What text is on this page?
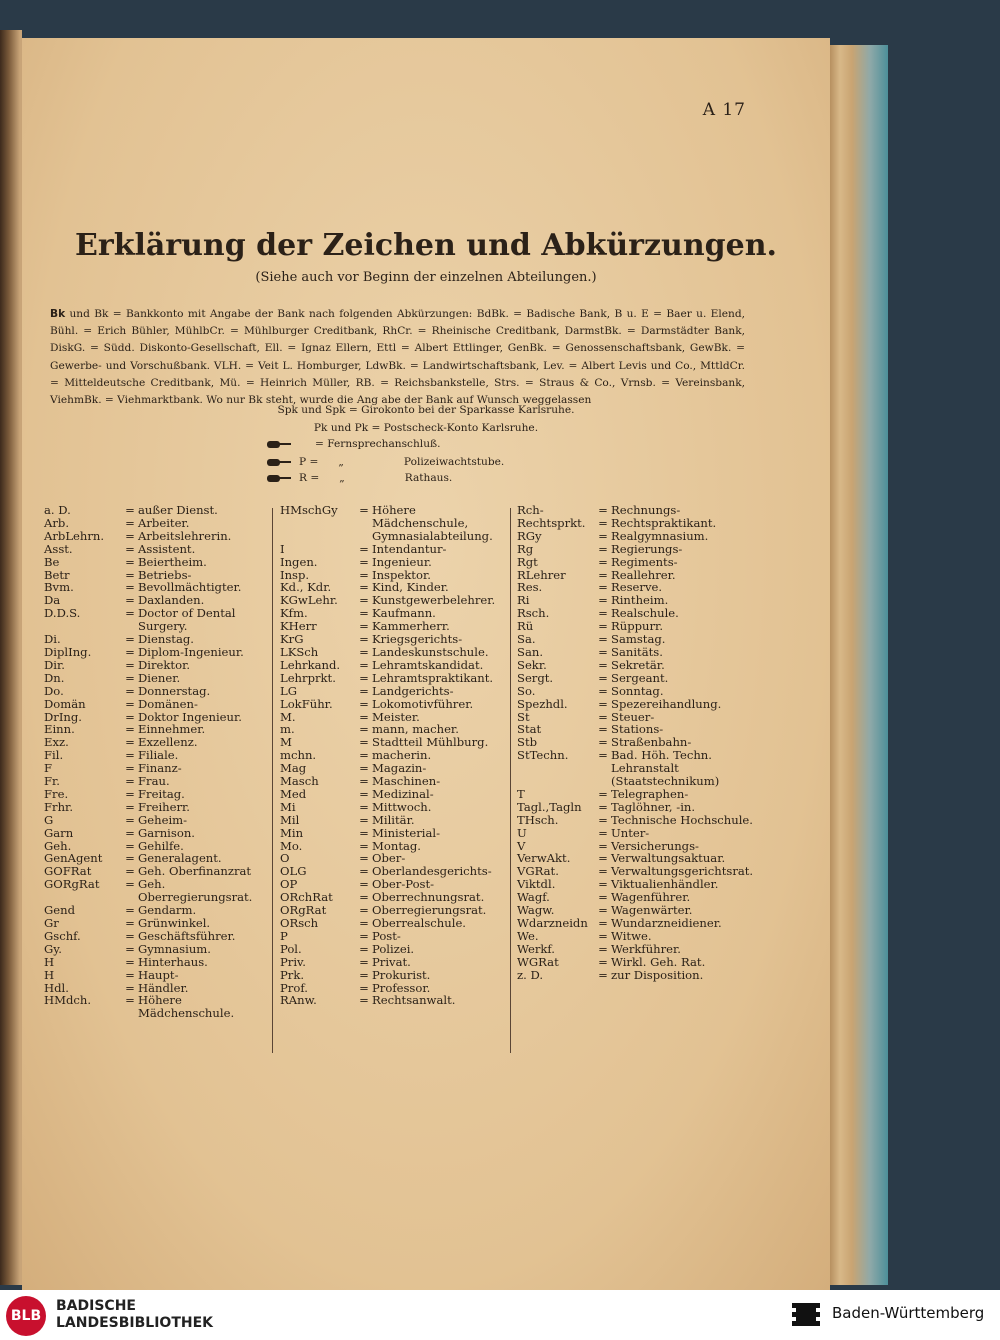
A 17
Erklärung der Zeichen und Abkürzungen.
(Siehe auch vor Beginn der einzelnen Abteilungen.)
Bk und Bk = Bankkonto mit Angabe der Bank nach folgenden Abkürzungen: BdBk. = Badische Bank, B u. E = Baer u. Elend, Bühl. = Erich Bühler, MühlbCr. = Mühlburger Creditbank, RhCr. = Rheinische Creditbank, DarmstBk. = Darmstädter Bank, DiskG. = Südd. Diskonto-Gesellschaft, Ell. = Ignaz Ellern, Ettl = Albert Ettlinger, GenBk. = Genossenschaftsbank, GewBk. = Gewerbe- und Vorschußbank. VLH. = Veit L. Homburger, LdwBk. = Landwirtschaftsbank, Lev. = Albert Levis und Co., MttldCr. = Mitteldeutsche Creditbank, Mü. = Heinrich Müller, RB. = Reichsbankstelle, Strs. = Straus & Co., Vrnsb. = Vereinsbank, ViehmBk. = Viehmarktbank. Wo nur Bk steht, wurde die Ang abe der Bank auf Wunsch weggelassen
Spk und Spk = Girokonto bei der Sparkasse Karlsruhe.
Pk und Pk = Postscheck-Konto Karlsruhe.
= Fernsprechanschluß.
P = „	Polizeiwachtstube.
R = „	Rathaus.
a. D.	= außer Dienst.
Arb.	= Arbeiter.
ArbLehrn.	= Arbeitslehrerin.
Asst.	= Assistent.
Be	= Beiertheim.
Betr	= Betriebs-
Bvm.	= Bevollmächtigter.
Da	= Daxlanden.
D.D.S.	= Doctor of Dental Surgery.
Di.	= Dienstag.
DiplIng.	= Diplom-Ingenieur.
Dir.	= Direktor.
Dn.	= Diener.
Do.	= Donnerstag.
Domän	= Domänen-
DrIng.	= Doktor Ingenieur.
Einn.	= Einnehmer.
Exz.	= Exzellenz.
Fil.	= Filiale.
F	= Finanz-
Fr.	= Frau.
Fre.	= Freitag.
Frhr.	= Freiherr.
G	= Geheim-
Garn	= Garnison.
Geh.	= Gehilfe.
GenAgent	= Generalagent.
GOFRat	= Geh. Oberfinanzrat
GORgRat	= Geh. Oberregierungsrat.
Gend	= Gendarm.
Gr	= Grünwinkel.
Gschf.	= Geschäftsführer.
Gy.	= Gymnasium.
H	= Hinterhaus.
H	= Haupt-
Hdl.	= Händler.
HMdch.	= Höhere Mädchenschule.
HMschGy	= Höhere Mädchenschule, Gymnasialabteilung.
I	= Intendantur-
Ingen.	= Ingenieur.
Insp.	= Inspektor.
Kd., Kdr.	= Kind, Kinder.
KGwLehr.	= Kunstgewerbelehrer.
Kfm.	= Kaufmann.
KHerr	= Kammerherr.
KrG	= Kriegsgerichts-
LKSch	= Landeskunstschule.
Lehrkand.	= Lehramtskandidat.
Lehrprkt.	= Lehramtspraktikant.
LG	= Landgerichts-
LokFühr.	= Lokomotivführer.
M.	= Meister.
m.	= mann, macher.
M	= Stadtteil Mühlburg.
mchn.	= macherin.
Mag	= Magazin-
Masch	= Maschinen-
Med	= Medizinal-
Mi	= Mittwoch.
Mil	= Militär.
Min	= Ministerial-
Mo.	= Montag.
O	= Ober-
OLG	= Oberlandesgerichts-
OP	= Ober-Post-
ORchRat	= Oberrechnungsrat.
ORgRat	= Oberregierungsrat.
ORsch	= Oberrealschule.
P	= Post-
Pol.	= Polizei.
Priv.	= Privat.
Prk.	= Prokurist.
Prof.	= Professor.
RAnw.	= Rechtsanwalt.
Rch-	= Rechnungs-
Rechtsprkt.	= Rechtspraktikant.
RGy	= Realgymnasium.
Rg	= Regierungs-
Rgt	= Regiments-
RLehrer	= Reallehrer.
Res.	= Reserve.
Ri	= Rintheim.
Rsch.	= Realschule.
Rü	= Rüppurr.
Sa.	= Samstag.
San.	= Sanitäts.
Sekr.	= Sekretär.
Sergt.	= Sergeant.
So.	= Sonntag.
Spezhdl.	= Spezereihandlung.
St	= Steuer-
Stat	= Stations-
Stb	= Straßenbahn-
StTechn.	= Bad. Höh. Techn. Lehranstalt (Staatstechnikum)
T	= Telegraphen-
Tagl.,Tagln	= Taglöhner, -in.
THsch.	= Technische Hochschule.
U	= Unter-
V	= Versicherungs-
VerwAkt.	= Verwaltungsaktuar.
VGRat.	= Verwaltungsgerichtsrat.
Viktdl.	= Viktualienhändler.
Wagf.	= Wagenführer.
Wagw.	= Wagenwärter.
Wdarzneidn = Wundarzneidiener.
We.	= Witwe.
Werkf.	= Werkführer.
WGRat	= Wirkl. Geh. Rat.
z. D.	= zur Disposition.
BLB
BADISCHE
LANDESBIBLIOTHEK
Baden-Württemberg
